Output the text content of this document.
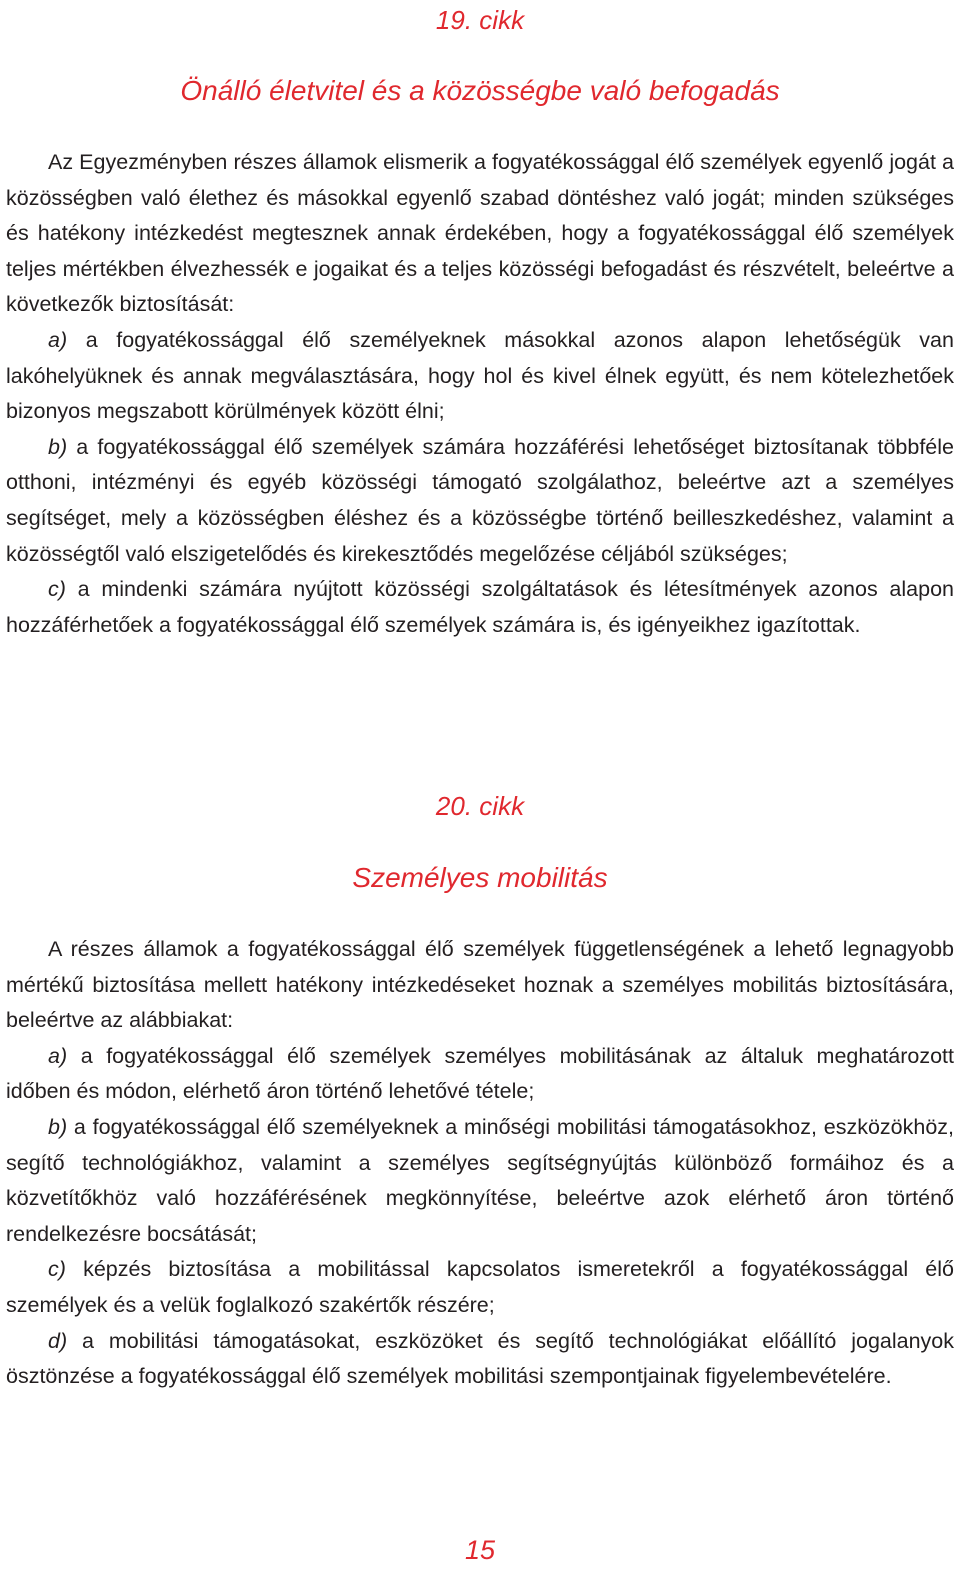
19. cikk
Önálló életvitel és a közösségbe való befogadás

Az Egyezményben részes államok elismerik a fogyatékossággal élő személyek egyenlő jogát a közösségben való élethez és másokkal egyenlő szabad döntéshez való jogát; minden szükséges és hatékony intézkedést megtesznek annak érdekében, hogy a fogyatékossággal élő személyek teljes mértékben élvezhessék e jogaikat és a teljes közösségi befogadást és részvételt, beleértve a következők biztosítását:

a) a fogyatékossággal élő személyeknek másokkal azonos alapon lehetőségük van lakóhelyüknek és annak megválasztására, hogy hol és kivel élnek együtt, és nem kötelezhetőek bizonyos megszabott körülmények között élni;

b) a fogyatékossággal élő személyek számára hozzáférési lehetőséget biztosítanak többféle otthoni, intézményi és egyéb közösségi támogató szolgálathoz, beleértve azt a személyes segítséget, mely a közösségben éléshez és a közösségbe történő beilleszkedéshez, valamint a közösségtől való elszigetelődés és kirekesztődés megelőzése céljából szükséges;

c) a mindenki számára nyújtott közösségi szolgáltatások és létesítmények azonos alapon hozzáférhetőek a fogyatékossággal élő személyek számára is, és igényeikhez igazítottak.

20. cikk
Személyes mobilitás

A részes államok a fogyatékossággal élő személyek függetlenségének a lehető legnagyobb mértékű biztosítása mellett hatékony intézkedéseket hoznak a személyes mobilitás biztosítására, beleértve az alábbiakat:

a) a fogyatékossággal élő személyek személyes mobilitásának az általuk meghatározott időben és módon, elérhető áron történő lehetővé tétele;

b) a fogyatékossággal élő személyeknek a minőségi mobilitási támogatásokhoz, eszközökhöz, segítő technológiákhoz, valamint a személyes segítségnyújtás különböző formáihoz és a közvetítőkhöz való hozzáférésének megkönnyítése, beleértve azok elérhető áron történő rendelkezésre bocsátását;

c) képzés biztosítása a mobilitással kapcsolatos ismeretekről a fogyatékossággal élő személyek és a velük foglalkozó szakértők részére;

d) a mobilitási támogatásokat, eszközöket és segítő technológiákat előállító jogalanyok ösztönzése a fogyatékossággal élő személyek mobilitási szempontjainak figyelembevételére.

15
